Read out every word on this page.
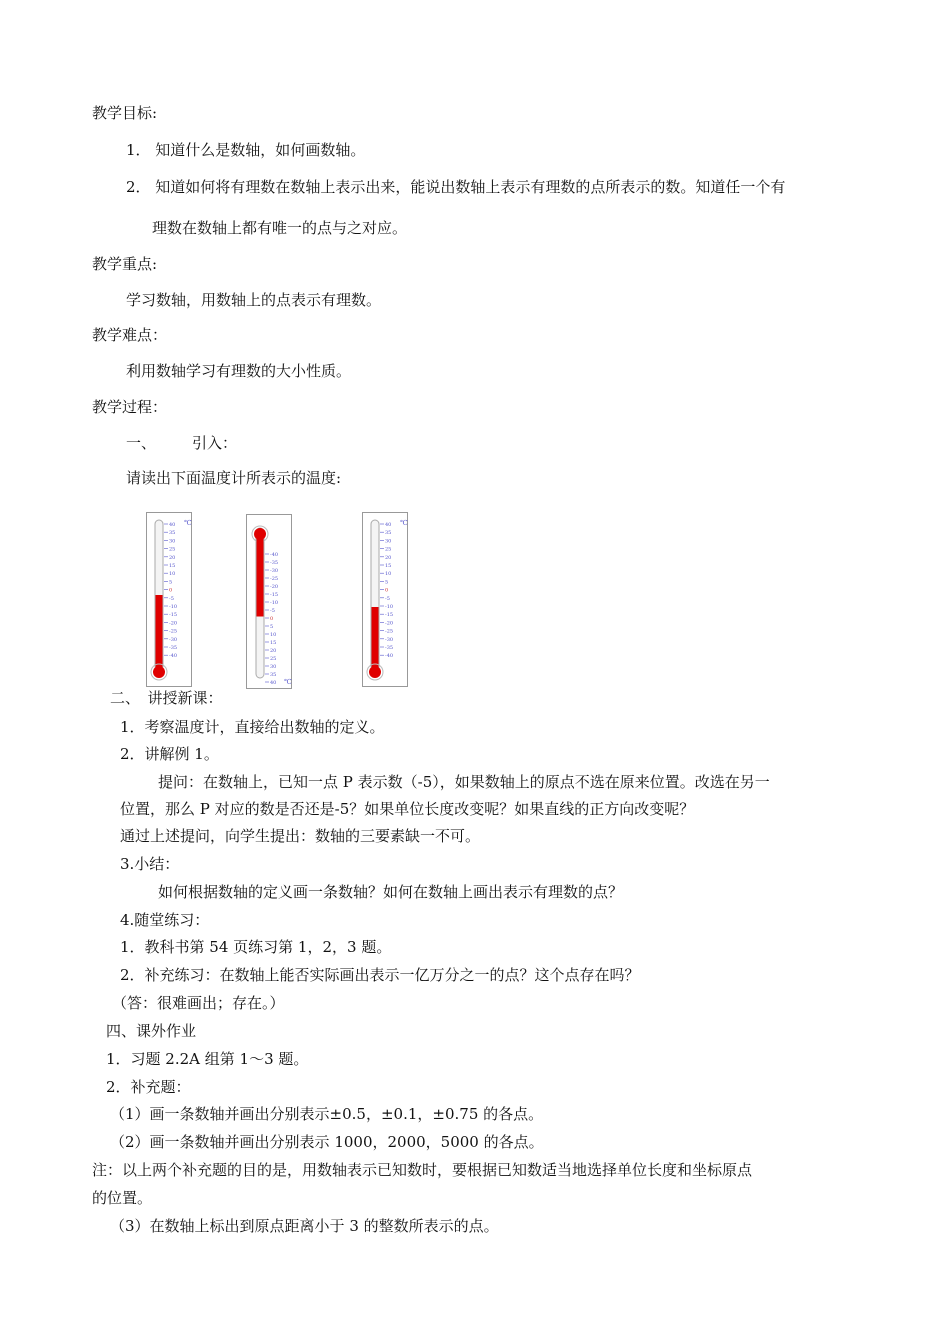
教学目标:
1． 知道什么是数轴，如何画数轴。
2． 知道如何将有理数在数轴上表示出来，能说出数轴上表示有理数的点所表示的数。知道任一个有
理数在数轴上都有唯一的点与之对应。
教学重点:
学习数轴，用数轴上的点表示有理数。
教学难点：
利用数轴学习有理数的大小性质。
教学过程：
一、 引入：
请读出下面温度计所表示的温度:
40
35
30
25
20
15
10
5
0
-5
-10
-15
-20
-25
-30
-35
-40
℃
-40
-35
-30
-25
-20
-15
-10
-5
0
5
10
15
20
25
30
35
40 ℃
40
35
30
25
20
15
10
5
0
-5
-10
-15
-20
-25
-30
-35
-40
℃
二、　讲授新课：
1．考察温度计，直接给出数轴的定义。
2．讲解例 1。
提问：在数轴上，已知一点 P 表示数（-5），如果数轴上的原点不选在原来位置。改选在另一
位置，那么 P 对应的数是否还是-5？如果单位长度改变呢？如果直线的正方向改变呢？
通过上述提问，向学生提出：数轴的三要素缺一不可。
3.小结：
如何根据数轴的定义画一条数轴？如何在数轴上画出表示有理数的点？
4.随堂练习：
1．教科书第 54 页练习第 1，2，3 题。
2．补充练习：在数轴上能否实际画出表示一亿万分之一的点？这个点存在吗？
（答：很难画出；存在。）
四、课外作业
1．习题 2.2A 组第 1～3 题。
2．补充题：
（1）画一条数轴并画出分别表示±0.5，±0.1，±0.75 的各点。
（2）画一条数轴并画出分别表示 1000，2000，5000 的各点。
注：以上两个补充题的目的是，用数轴表示已知数时，要根据已知数适当地选择单位长度和坐标原点
的位置。
（3）在数轴上标出到原点距离小于 3 的整数所表示的点。
